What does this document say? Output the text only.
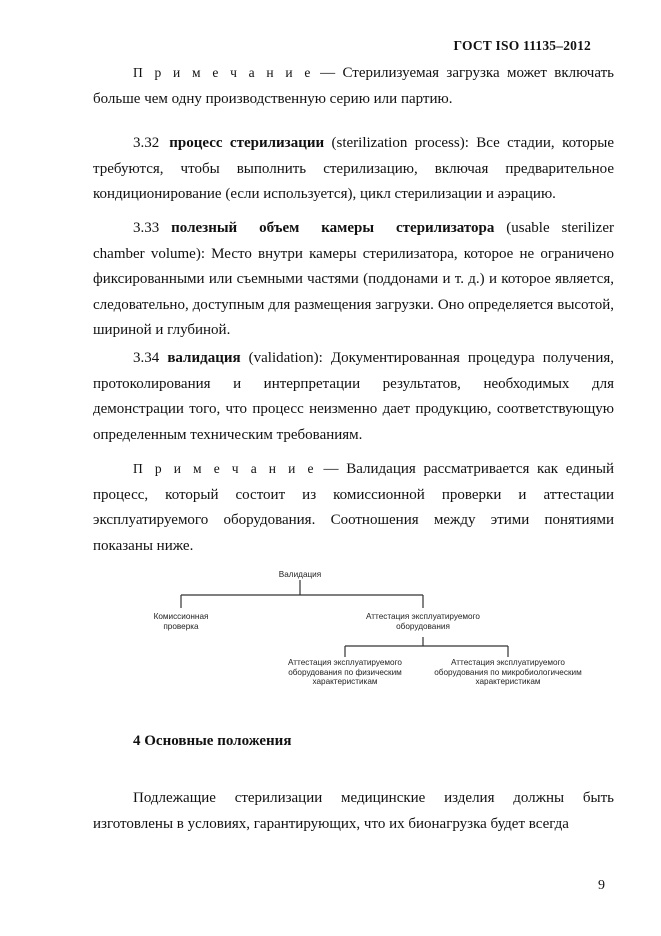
ГОСТ ISO 11135–2012

П р и м е ч а н и е — Стерилизуемая загрузка может включать больше чем одну производственную серию или партию.

3.32 процесс стерилизации (sterilization process): Все стадии, которые требуются, чтобы выполнить стерилизацию, включая предварительное кондиционирование (если используется), цикл стерилизации и аэрацию.

3.33 полезный объем камеры стерилизатора (usable sterilizer chamber volume): Место внутри камеры стерилизатора, которое не ограничено фиксированными или съемными частями (поддонами и т. д.) и которое является, следовательно, доступным для размещения загрузки. Оно определяется высотой, шириной и глубиной.

3.34 валидация (validation): Документированная процедура получения, протоколирования и интерпретации результатов, необходимых для демонстрации того, что процесс неизменно дает продукцию, соответствующую определенным техническим требованиям.

П р и м е ч а н и е — Валидация рассматривается как единый процесс, который состоит из комиссионной проверки и аттестации эксплуатируемого оборудования. Соотношения между этими понятиями показаны ниже.

Валидация
Комиссионная проверка
Аттестация эксплуатируемого оборудования
Аттестация эксплуатируемого оборудования по физическим характеристикам
Аттестация эксплуатируемого оборудования по микробиологическим характеристикам
4 Основные положения

Подлежащие стерилизации медицинские изделия должны быть изготовлены в условиях, гарантирующих, что их бионагрузка будет всегда

9
